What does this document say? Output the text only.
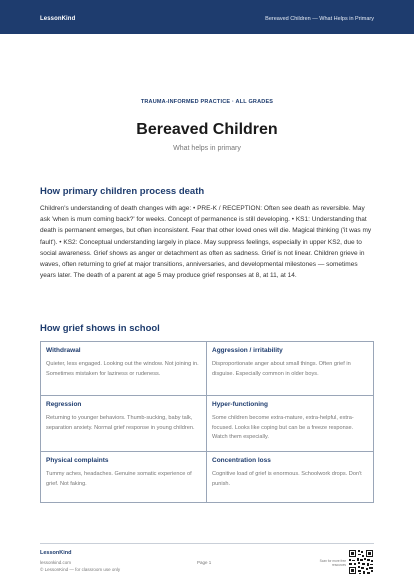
LessonKind	Bereaved Children — What Helps in Primary
TRAUMA-INFORMED PRACTICE · ALL GRADES
Bereaved Children
What helps in primary
How primary children process death

Children's understanding of death changes with age: • PRE-K / RECEPTION: Often see death as reversible. May ask 'when is mum coming back?' for weeks. Concept of permanence is still developing. • KS1: Understanding that death is permanent emerges, but often inconsistent. Fear that other loved ones will die. Magical thinking ('it was my fault'). • KS2: Conceptual understanding largely in place. May suppress feelings, especially in upper KS2, due to social awareness. Grief shows as anger or detachment as often as sadness. Grief is not linear. Children grieve in waves, often returning to grief at major transitions, anniversaries, and developmental milestones — sometimes years later. The death of a parent at age 5 may produce grief responses at 8, at 11, at 14.

How grief shows in school
Withdrawal
Quieter, less engaged. Looking out the window. Not joining in. Sometimes mistaken for laziness or rudeness.
Aggression / irritability
Disproportionate anger about small things. Often grief in disguise. Especially common in older boys.
Regression
Returning to younger behaviors. Thumb-sucking, baby talk, separation anxiety. Normal grief response in young children.
Hyper-functioning
Some children become extra-mature, extra-helpful, extra-focused. Looks like coping but can be a freeze response. Watch them especially.
Physical complaints
Tummy aches, headaches. Genuine somatic experience of grief. Not faking.
Concentration loss
Cognitive load of grief is enormous. Schoolwork drops. Don't punish.
LessonKind
lessonkind.com
© LessonKind — for classroom use only
Page 1	Scan for more free resources
